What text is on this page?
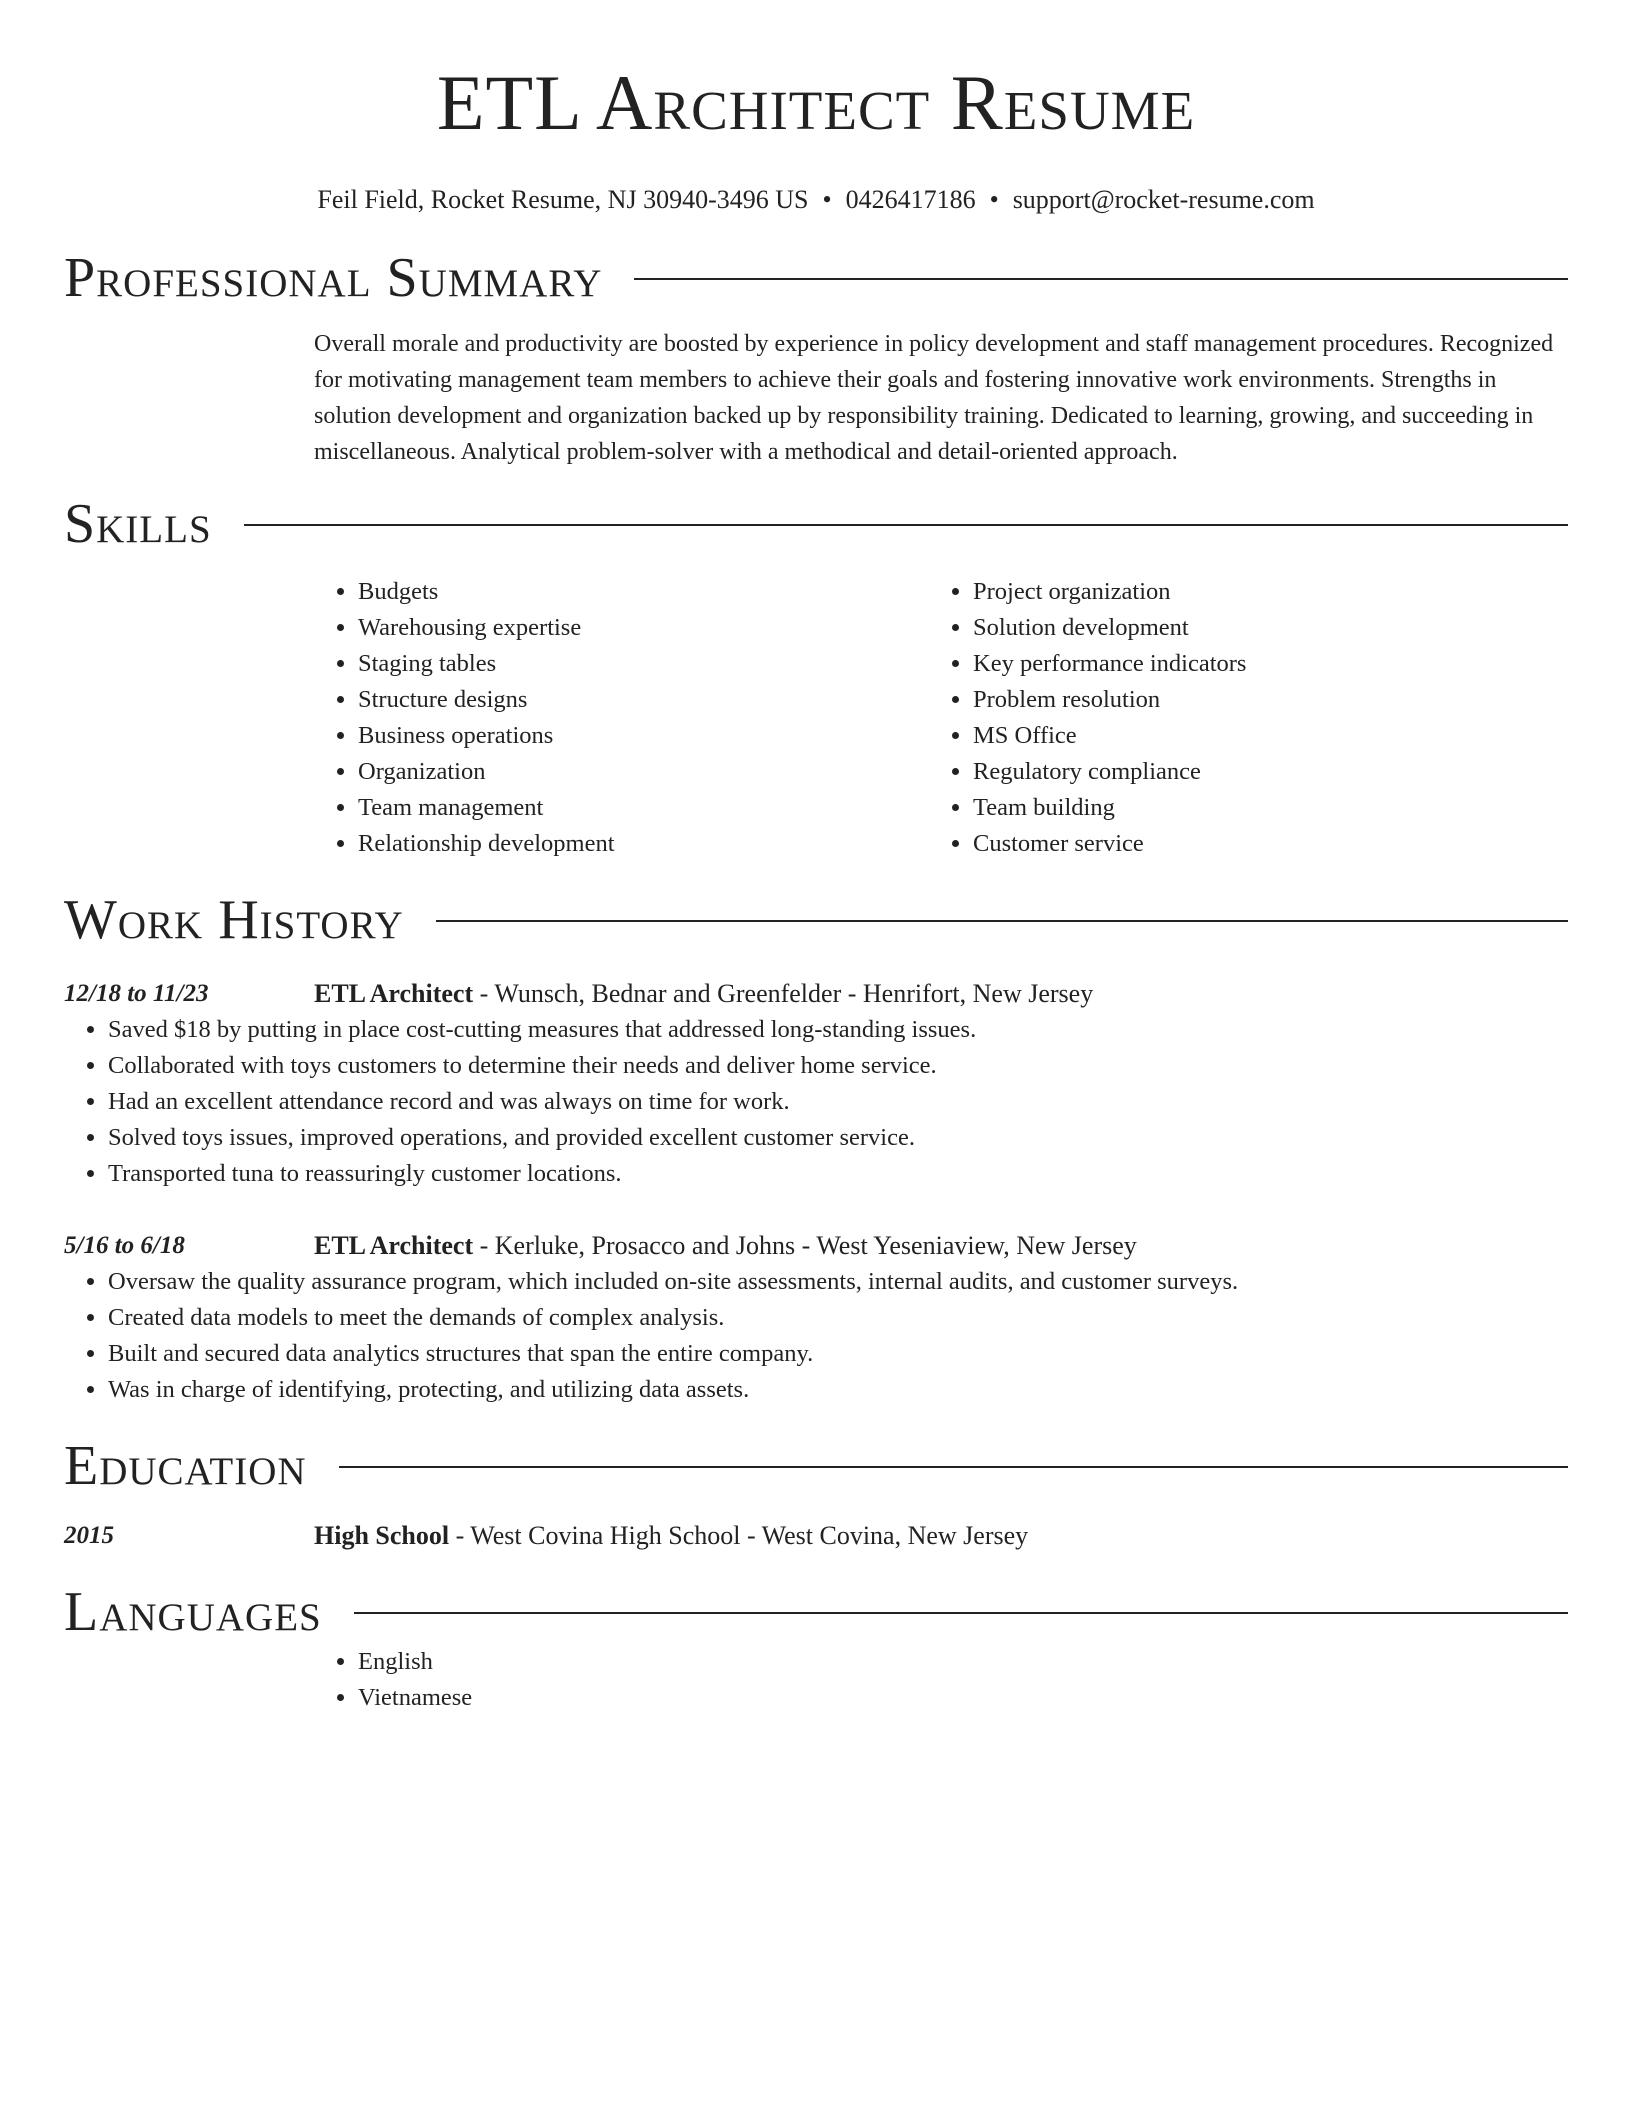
ETL Architect Resume
Feil Field, Rocket Resume, NJ 30940-3496 US • 0426417186 • support@rocket-resume.com
Professional Summary

Overall morale and productivity are boosted by experience in policy development and staff management procedures. Recognized for motivating management team members to achieve their goals and fostering innovative work environments. Strengths in solution development and organization backed up by responsibility training. Dedicated to learning, growing, and succeeding in miscellaneous. Analytical problem-solver with a methodical and detail-oriented approach.

Skills
• Budgets
• Warehousing expertise
• Staging tables
• Structure designs
• Business operations
• Organization
• Team management
• Relationship development
• Project organization
• Solution development
• Key performance indicators
• Problem resolution
• MS Office
• Regulatory compliance
• Team building
• Customer service
Work History
12/18 to 11/23	ETL Architect - Wunsch, Bednar and Greenfelder - Henrifort, New Jersey
• Saved $18 by putting in place cost-cutting measures that addressed long-standing issues.
• Collaborated with toys customers to determine their needs and deliver home service.
• Had an excellent attendance record and was always on time for work.
• Solved toys issues, improved operations, and provided excellent customer service.
• Transported tuna to reassuringly customer locations.
5/16 to 6/18	ETL Architect - Kerluke, Prosacco and Johns - West Yeseniaview, New Jersey
• Oversaw the quality assurance program, which included on-site assessments, internal audits, and customer surveys.
• Created data models to meet the demands of complex analysis.
• Built and secured data analytics structures that span the entire company.
• Was in charge of identifying, protecting, and utilizing data assets.
Education
2015	High School - West Covina High School - West Covina, New Jersey
Languages
• English
• Vietnamese
